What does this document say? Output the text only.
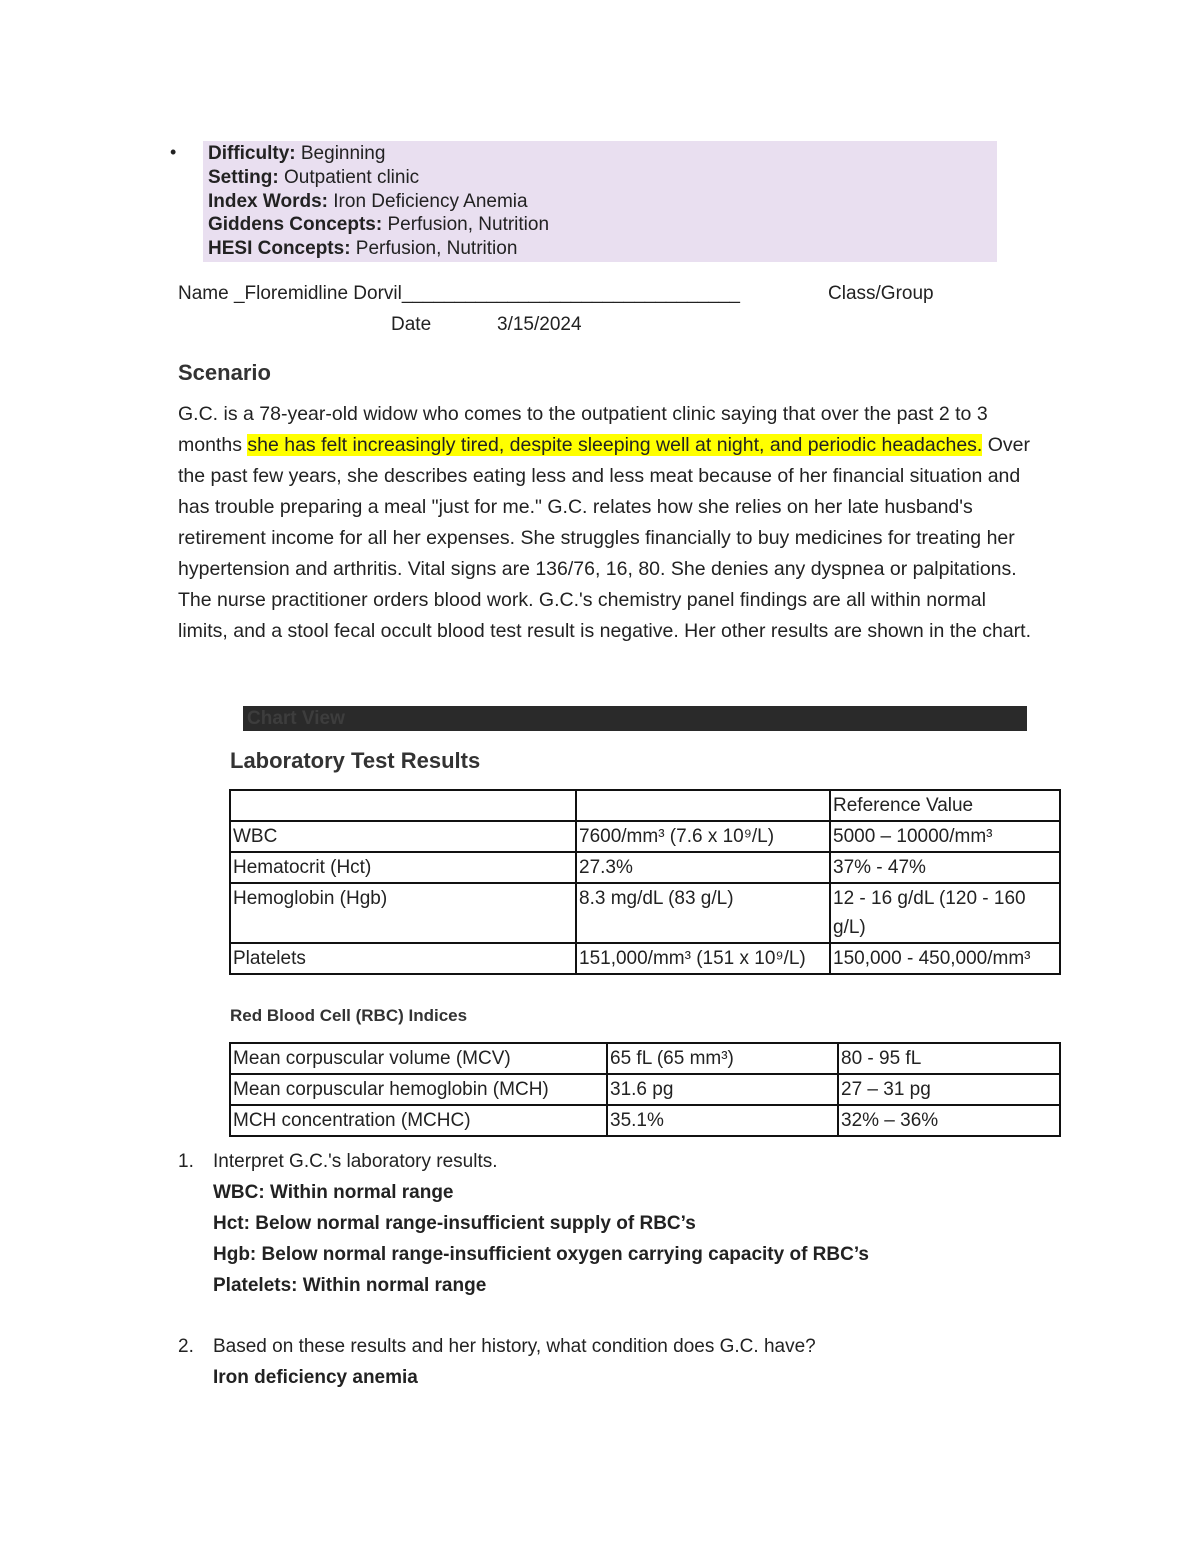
• Difficulty: Beginning
Setting: Outpatient clinic
Index Words: Iron Deficiency Anemia
Giddens Concepts: Perfusion, Nutrition
HESI Concepts: Perfusion, Nutrition
Name _Floremidline Dorvil________________________________	Class/Group
Date	3/15/2024
Scenario
G.C. is a 78-year-old widow who comes to the outpatient clinic saying that over the past 2 to 3 months she has felt increasingly tired, despite sleeping well at night, and periodic headaches. Over the past few years, she describes eating less and less meat because of her financial situation and has trouble preparing a meal "just for me." G.C. relates how she relies on her late husband's retirement income for all her expenses. She struggles financially to buy medicines for treating her hypertension and arthritis. Vital signs are 136/76, 16, 80. She denies any dyspnea or palpitations. The nurse practitioner orders blood work. G.C.'s chemistry panel findings are all within normal limits, and a stool fecal occult blood test result is negative. Her other results are shown in the chart.
Chart View
Laboratory Test Results
		Reference Value
WBC	7600/mm³ (7.6 x 10⁹/L)	5000 – 10000/mm³
Hematocrit (Hct)	27.3%	37% - 47%
Hemoglobin (Hgb)	8.3 mg/dL (83 g/L)	12 - 16 g/dL (120 - 160 g/L)
Platelets	151,000/mm³ (151 x 10⁹/L)	150,000 - 450,000/mm³
Red Blood Cell (RBC) Indices
Mean corpuscular volume (MCV)	65 fL (65 mm³)	80 - 95 fL
Mean corpuscular hemoglobin (MCH)	31.6 pg	27 – 31 pg
MCH concentration (MCHC)	35.1%	32% – 36%
1. Interpret G.C.'s laboratory results.
WBC: Within normal range
Hct: Below normal range-insufficient supply of RBC’s
Hgb: Below normal range-insufficient oxygen carrying capacity of RBC’s
Platelets: Within normal range
2. Based on these results and her history, what condition does G.C. have?
Iron deficiency anemia
